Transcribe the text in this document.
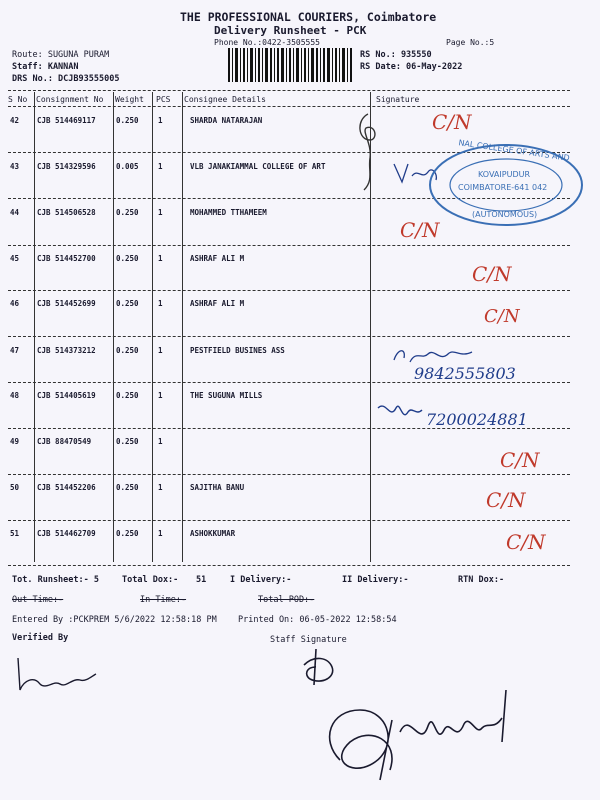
THE PROFESSIONAL COURIERS, Coimbatore
Delivery Runsheet - PCK
Phone No.:0422-3505555	Page No.:5
Route: SUGUNA PURAM
Staff: KANNAN
DRS No.: DCJB93555005
RS No.: 935550
RS Date: 06-May-2022
S No Consignment No Weight PCS Consignee Details	Signature
42 CJB 514469117	0.250	1	SHARDA NATARAJAN
43 CJB 514329596	0.005	1	VLB JANAKIAMMAL COLLEGE OF ART
44 CJB 514506528	0.250	1	MOHAMMED TTHAMEEM
45 CJB 514452700	0.250	1	ASHRAF ALI M
46 CJB 514452699	0.250	1	ASHRAF ALI M
47 CJB 514373212	0.250	1	PESTFIELD BUSINES ASS
48 CJB 514405619	0.250	1	THE SUGUNA MILLS
49 CJB 88470549	0.250	1
50 CJB 514452206	0.250	1	SAJITHA BANU
51 CJB 514462709	0.250	1	ASHOKKUMAR
C/N
C/N
C/N
C/N
9842555803
7200024881
C/N
C/N
C/N
NAL COLLEGE OF ARTS AND
KOVAIPUDUR
COIMBATORE-641 042
(AUTONOMOUS)
Tot. Runsheet:- 5	Total Dox:- 51	I Delivery:-	II Delivery:-	RTN Dox:-
Out Time:-	In Time:-	Total POD:-
Entered By :PCKPREM 5/6/2022 12:58:18 PM	Printed On: 06-05-2022 12:58:54
Verified By	Staff Signature
